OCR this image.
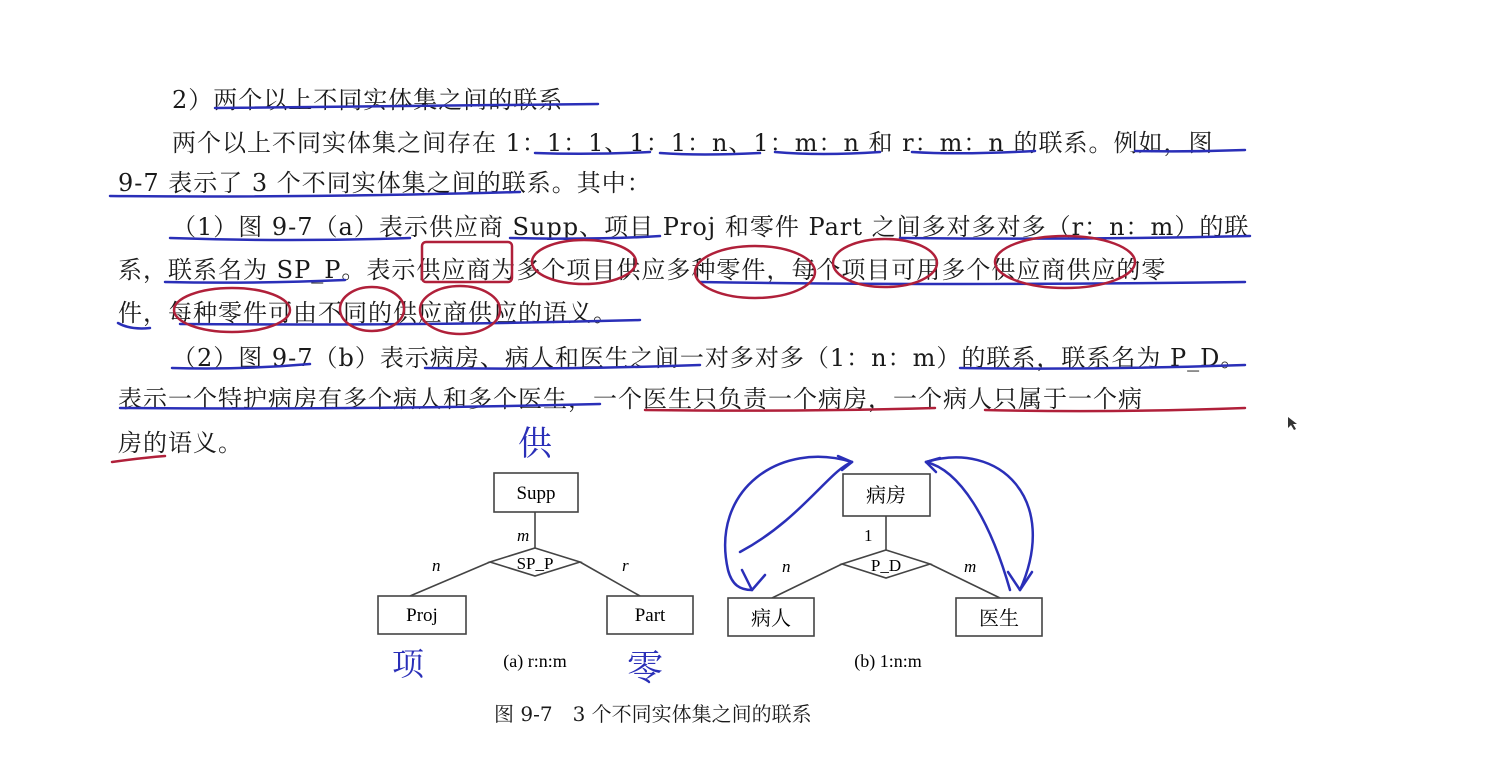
2）两个以上不同实体集之间的联系
两个以上不同实体集之间存在 1：1：1、1：1：n、1：m：n 和 r：m：n 的联系。例如，图
9-7 表示了 3 个不同实体集之间的联系。其中：
（1）图 9-7（a）表示供应商 Supp、项目 Proj 和零件 Part 之间多对多对多（r：n：m）的联
系，联系名为 SP_P。表示供应商为多个项目供应多种零件，每个项目可用多个供应商供应的零
件，每种零件可由不同的供应商供应的语义。
（2）图 9-7（b）表示病房、病人和医生之间一对多对多（1：n：m）的联系，联系名为 P_D。
表示一个特护病房有多个病人和多个医生，一个医生只负责一个病房，一个病人只属于一个病
房的语义。
Supp
SP_P
Proj	Part
m
n	r
(a) r:n:m
病房
P_D
病人	医生
1
n	m
(b) 1:n:m
供
项	零
图 9-7　3 个不同实体集之间的联系
